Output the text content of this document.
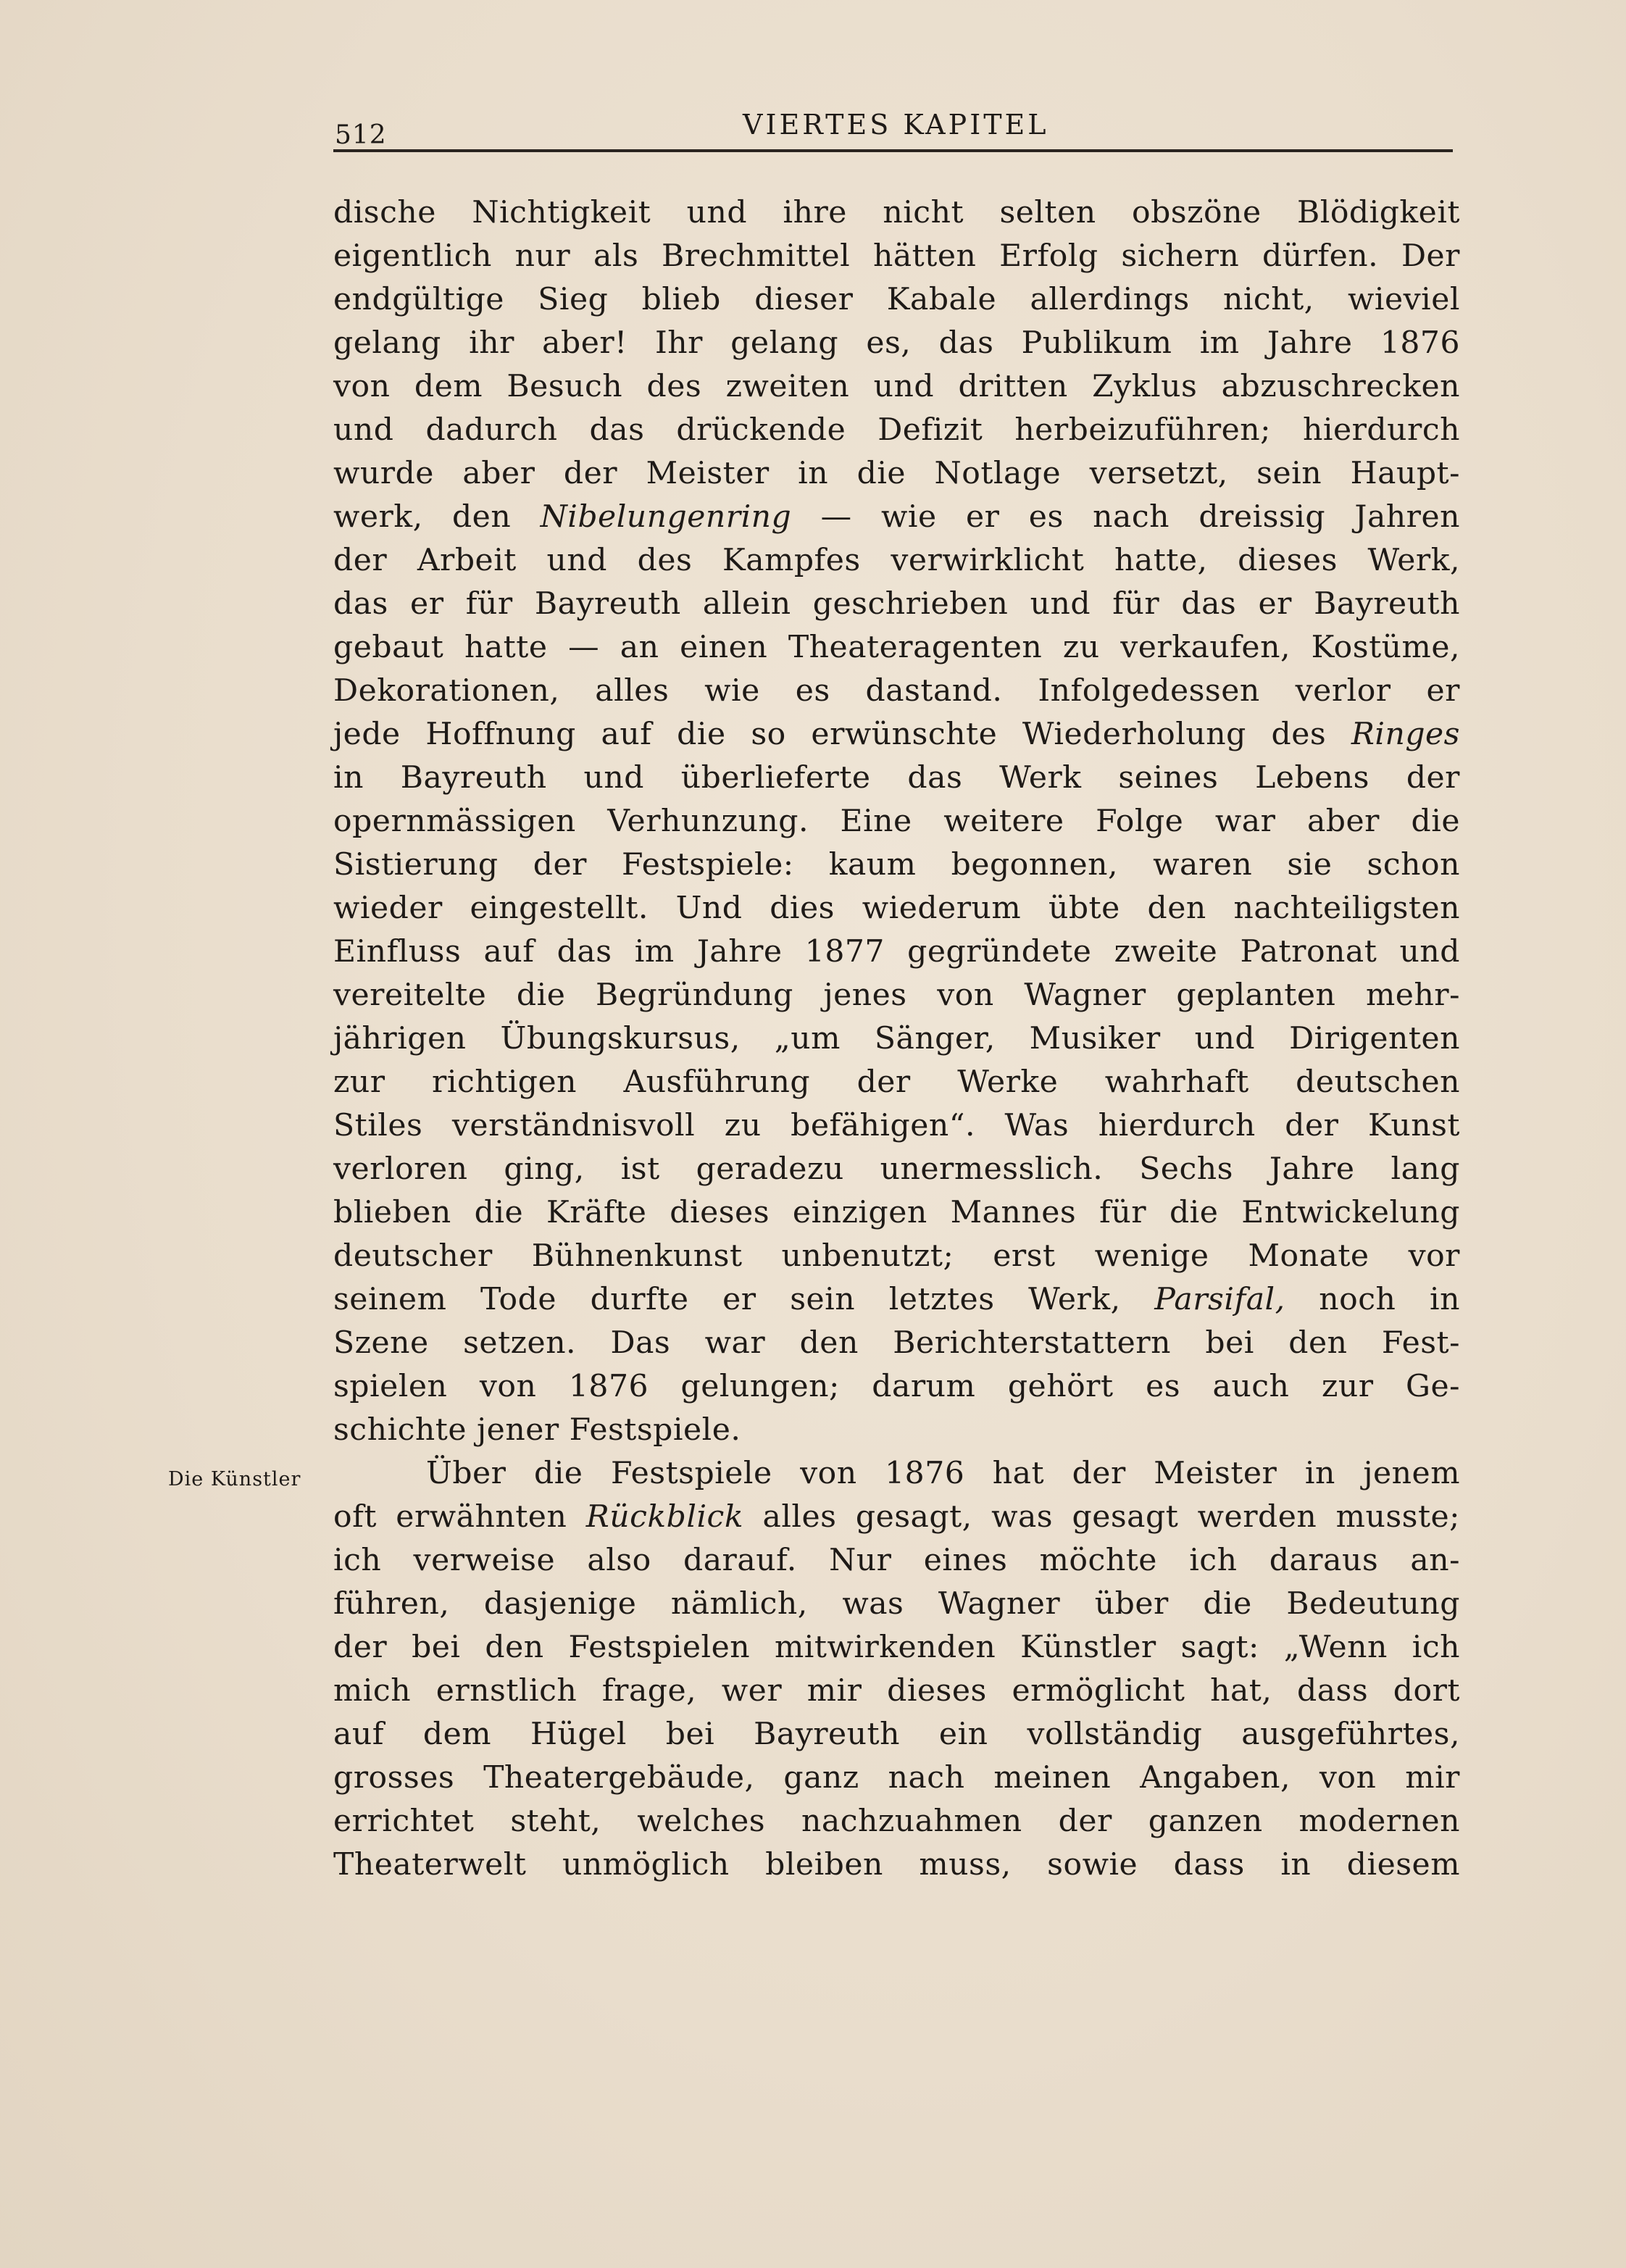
512	VIERTES KAPITEL
Die Künstler
dische Nichtigkeit und ihre nicht selten obszöne Blödigkeit
eigentlich nur als Brechmittel hätten Erfolg sichern dürfen. Der
endgültige Sieg blieb dieser Kabale allerdings nicht, wieviel
gelang ihr aber! Ihr gelang es, das Publikum im Jahre 1876
von dem Besuch des zweiten und dritten Zyklus abzuschrecken
und dadurch das drückende Defizit herbeizuführen; hierdurch
wurde aber der Meister in die Notlage versetzt, sein Haupt-
werk, den Nibelungenring — wie er es nach dreissig Jahren
der Arbeit und des Kampfes verwirklicht hatte, dieses Werk,
das er für Bayreuth allein geschrieben und für das er Bayreuth
gebaut hatte — an einen Theateragenten zu verkaufen, Kostüme,
Dekorationen, alles wie es dastand. Infolgedessen verlor er
jede Hoffnung auf die so erwünschte Wiederholung des Ringes
in Bayreuth und überlieferte das Werk seines Lebens der
opernmässigen Verhunzung. Eine weitere Folge war aber die
Sistierung der Festspiele: kaum begonnen, waren sie schon
wieder eingestellt. Und dies wiederum übte den nachteiligsten
Einfluss auf das im Jahre 1877 gegründete zweite Patronat und
vereitelte die Begründung jenes von Wagner geplanten mehr-
jährigen Übungskursus, „um Sänger, Musiker und Dirigenten
zur richtigen Ausführung der Werke wahrhaft deutschen
Stiles verständnisvoll zu befähigen“. Was hierdurch der Kunst
verloren ging, ist geradezu unermesslich. Sechs Jahre lang
blieben die Kräfte dieses einzigen Mannes für die Entwickelung
deutscher Bühnenkunst unbenutzt; erst wenige Monate vor
seinem Tode durfte er sein letztes Werk, Parsifal, noch in
Szene setzen. Das war den Berichterstattern bei den Fest-
spielen von 1876 gelungen; darum gehört es auch zur Ge-
schichte jener Festspiele.
Über die Festspiele von 1876 hat der Meister in jenem
oft erwähnten Rückblick alles gesagt, was gesagt werden musste;
ich verweise also darauf. Nur eines möchte ich daraus an-
führen, dasjenige nämlich, was Wagner über die Bedeutung
der bei den Festspielen mitwirkenden Künstler sagt: „Wenn ich
mich ernstlich frage, wer mir dieses ermöglicht hat, dass dort
auf dem Hügel bei Bayreuth ein vollständig ausgeführtes,
grosses Theatergebäude, ganz nach meinen Angaben, von mir
errichtet steht, welches nachzuahmen der ganzen modernen
Theaterwelt unmöglich bleiben muss, sowie dass in diesem
